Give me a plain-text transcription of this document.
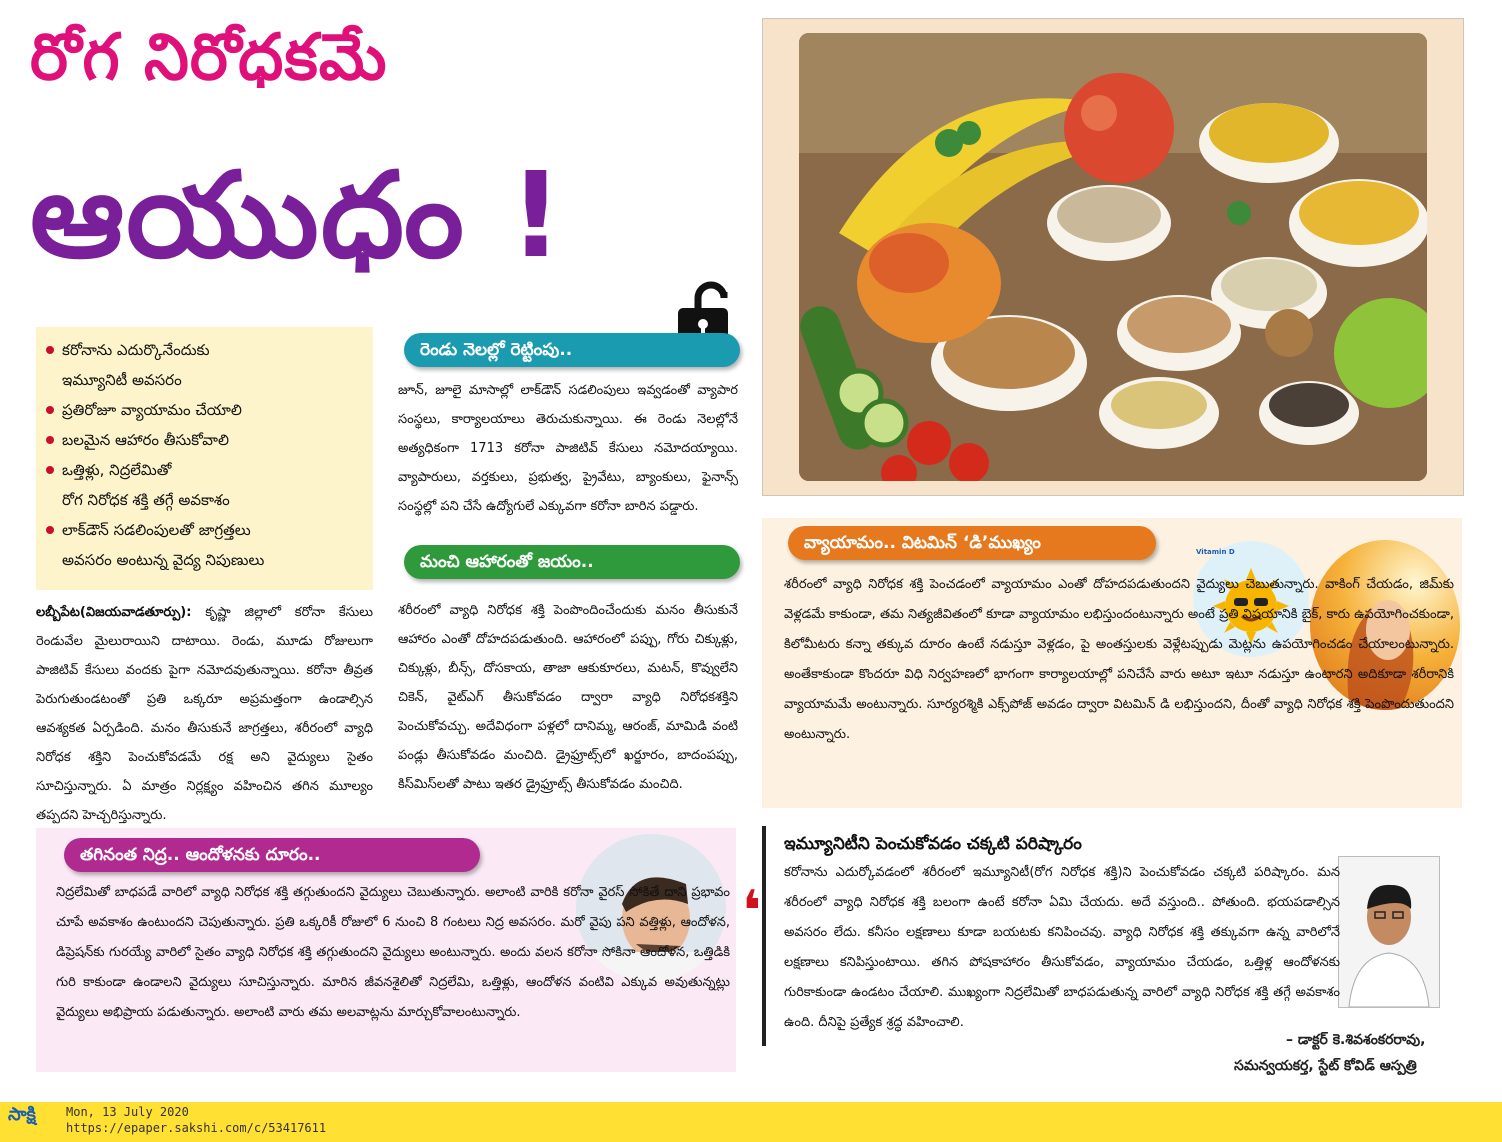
రోగ నిరోధకమే
ఆయుధం !
కరోనాను ఎదుర్కొనేందుకు
ఇమ్యూనిటీ అవసరం
ప్రతిరోజూ వ్యాయామం చేయాలి
బలమైన ఆహారం తీసుకోవాలి
ఒత్తిళ్లు, నిద్రలేమితో
రోగ నిరోధక శక్తి తగ్గే అవకాశం
లాక్‌డౌన్ సడలింపులతో జాగ్రత్తలు
అవసరం అంటున్న వైద్య నిపుణులు

లబ్బీపేట(విజయవాడతూర్పు): కృష్ణా జిల్లాలో కరోనా కేసులు రెండువేల మైలురాయిని దాటాయి. రెండు, మూడు రోజులుగా పాజిటివ్ కేసులు వందకు పైగా నమోదవుతున్నాయి. కరోనా తీవ్రత పెరుగుతుండటంతో ప్రతి ఒక్కరూ అప్రమత్తంగా ఉండాల్సిన ఆవశ్యకత ఏర్పడింది. మనం తీసుకునే జాగ్రత్తలు, శరీరంలో వ్యాధి నిరోధక శక్తిని పెంచుకోవడమే రక్ష అని వైద్యులు సైతం సూచిస్తున్నారు. ఏ మాత్రం నిర్లక్ష్యం వహించిన తగిన మూల్యం తప్పదని హెచ్చరిస్తున్నారు.

రెండు నెలల్లో రెట్టింపు..
జూన్, జూలై మాసాల్లో లాక్‌డౌన్ సడలింపులు ఇవ్వడంతో వ్యాపార సంస్థలు, కార్యాలయాలు తెరుచుకున్నాయి. ఈ రెండు నెలల్లోనే అత్యధికంగా 1713 కరోనా పాజిటివ్ కేసులు నమోదయ్యాయి. వ్యాపారులు, వర్తకులు, ప్రభుత్వ, ప్రైవేటు, బ్యాంకులు, ఫైనాన్స్ సంస్థల్లో పని చేసే ఉద్యోగులే ఎక్కువగా కరోనా బారిన పడ్డారు.
మంచి ఆహారంతో జయం..
శరీరంలో వ్యాధి నిరోధక శక్తి పెంపొందించేందుకు మనం తీసుకునే ఆహారం ఎంతో దోహదపడుతుంది. ఆహారంలో పప్పు, గోరు చిక్కుళ్లు, చిక్కుళ్లు, బీన్స్, దోసకాయ, తాజా ఆకుకూరలు, మటన్, కొవ్వులేని చికెన్, వైట్ఎగ్ తీసుకోవడం ద్వారా వ్యాధి నిరోధకశక్తిని పెంచుకోవచ్చు. అదేవిధంగా పళ్లలో దానిమ్మ, ఆరంజ్, మామిడి వంటి పండ్లు తీసుకోవడం మంచిది. డ్రైఫ్రూట్స్‌లో ఖర్జూరం, బాదంపప్పు, కిస్‌మిస్‌లతో పాటు ఇతర డ్రైఫ్రూట్స్ తీసుకోవడం మంచిది.
వ్యాయామం.. విటమిన్ ‘డి’ముఖ్యం	Vitamin D
శరీరంలో వ్యాధి నిరోధక శక్తి పెంచడంలో వ్యాయామం ఎంతో దోహదపడుతుందని వైద్యులు చెబుతున్నారు. వాకింగ్ చేయడం, జిమ్‌కు వెళ్లడమే కాకుండా, తమ నిత్యజీవితంలో కూడా వ్యాయామం లభిస్తుందంటున్నారు అంటే ప్రతి విషయానికి బైక్, కారు ఉపయోగించకుండా, కిలోమీటరు కన్నా తక్కువ దూరం ఉంటే నడుస్తూ వెళ్లడం, పై అంతస్తులకు వెళ్లేటప్పుడు మెట్లను ఉపయోగించడం చేయాలంటున్నారు. అంతేకాకుండా కొందరూ విధి నిర్వహణలో భాగంగా కార్యాలయాల్లో పనిచేసే వారు అటూ ఇటూ నడుస్తూ ఉంటారని అదికూడా శరీరానికి వ్యాయామమే అంటున్నారు. సూర్యరశ్మికి ఎక్స్‌పోజ్ అవడం ద్వారా విటమిన్ డి లభిస్తుందని, దీంతో వ్యాధి నిరోధక శక్తి పెంపొందుతుందని అంటున్నారు.
తగినంత నిద్ర.. ఆందోళనకు దూరం..
నిద్రలేమితో బాధపడే వారిలో వ్యాధి నిరోధక శక్తి తగ్గుతుందని వైద్యులు చెబుతున్నారు. అలాంటి వారికి కరోనా వైరస్ సోకితే దాని ప్రభావం చూపే అవకాశం ఉంటుందని చెపుతున్నారు. ప్రతి ఒక్కరికీ రోజులో 6 నుంచి 8 గంటలు నిద్ర అవసరం. మరో వైపు పని వత్తిళ్లు, ఆందోళన, డిప్రెషన్‌కు గురయ్యే వారిలో సైతం వ్యాధి నిరోధక శక్తి తగ్గుతుందని వైద్యులు అంటున్నారు. అందు వలన కరోనా సోకినా ఆందోళన, ఒత్తిడికి గురి కాకుండా ఉండాలని వైద్యులు సూచిస్తున్నారు. మారిన జీవనశైలితో నిద్రలేమి, ఒత్తిళ్లు, ఆందోళన వంటివి ఎక్కువ అవుతున్నట్లు వైద్యులు అభిప్రాయ పడుతున్నారు. అలాంటి వారు తమ అలవాట్లను మార్చుకోవాలంటున్నారు.
ఇమ్యూనిటీని పెంచుకోవడం చక్కటి పరిష్కారం
❛
కరోనాను ఎదుర్కోవడంలో శరీరంలో ఇమ్యూనిటీ(రోగ నిరోధక శక్తి)ని పెంచుకోవడం చక్కటి పరిష్కారం. మన శరీరంలో వ్యాధి నిరోధక శక్తి బలంగా ఉంటే కరోనా ఏమి చేయదు. అదే వస్తుంది.. పోతుంది. భయపడాల్సిన అవసరం లేదు. కనీసం లక్షణాలు కూడా బయటకు కనిపించవు. వ్యాధి నిరోధక శక్తి తక్కువగా ఉన్న వారిలోనే లక్షణాలు కనిపిస్తుంటాయి. తగిన పోషకాహారం తీసుకోవడం, వ్యాయామం చేయడం, ఒత్తిళ్ల ఆందోళనకు గురికాకుండా ఉండటం చేయాలి. ముఖ్యంగా నిద్రలేమితో బాధపడుతున్న వారిలో వ్యాధి నిరోధక శక్తి తగ్గే అవకాశం ఉంది. దీనిపై ప్రత్యేక శ్రద్ధ వహించాలి.
– డాక్టర్ కె.శివశంకరరావు,
సమన్వయకర్త, స్టేట్ కోవిడ్ ఆస్పత్రి
సాక్షి	Mon, 13 July 2020
https://epaper.sakshi.com/c/53417611
